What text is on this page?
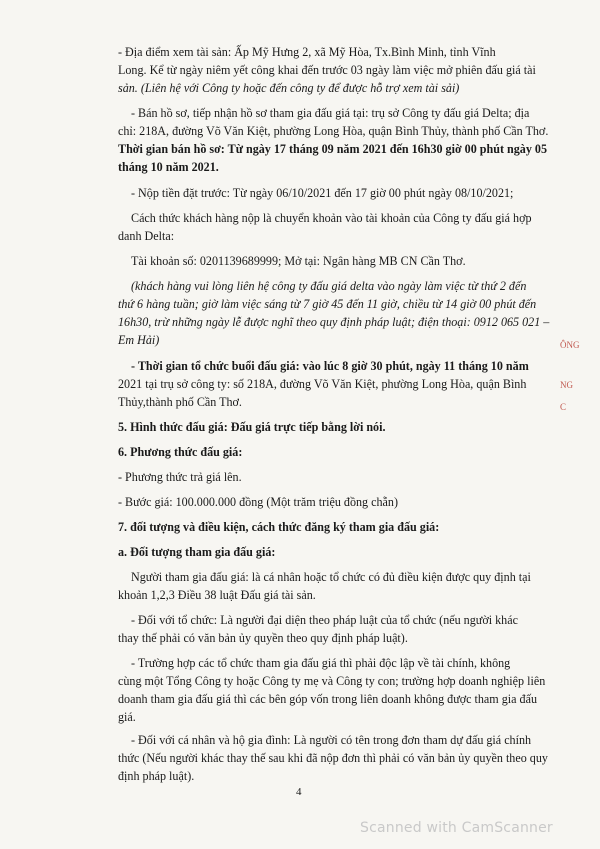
- Địa điểm xem tài sản: Ấp Mỹ Hưng 2, xã Mỹ Hòa, Tx.Bình Minh, tỉnh Vĩnh
Long. Kể từ ngày niêm yết công khai đến trước 03 ngày làm việc mở phiên đấu giá tài
sản. (Liên hệ với Công ty hoặc đến công ty để được hỗ trợ xem tài sải)
- Bán hồ sơ, tiếp nhận hồ sơ tham gia đấu giá tại: trụ sở Công ty đấu giá Delta; địa
chỉ: 218A, đường Võ Văn Kiệt, phường Long Hòa, quận Bình Thủy, thành phố Cần Thơ.
Thời gian bán hồ sơ: Từ ngày 17 tháng 09 năm 2021 đến 16h30 giờ 00 phút ngày 05
tháng 10 năm 2021.
- Nộp tiền đặt trước: Từ ngày 06/10/2021 đến 17 giờ 00 phút ngày 08/10/2021;
Cách thức khách hàng nộp là chuyển khoản vào tài khoản của Công ty đấu giá hợp
danh Delta:
Tài khoản số: 0201139689999; Mở tại: Ngân hàng MB CN Cần Thơ.
(khách hàng vui lòng liên hệ công ty đấu giá delta vào ngày làm việc từ thứ 2 đến
thứ 6 hàng tuần; giờ làm việc sáng từ 7 giờ 45 đến 11 giờ, chiều từ 14 giờ 00 phút đến
16h30, trừ những ngày lễ được nghĩ theo quy định pháp luật; điện thoại: 0912 065 021 –
Em Hải)
- Thời gian tổ chức buổi đấu giá: vào lúc 8 giờ 30 phút, ngày 11 tháng 10 năm
2021 tại trụ sở công ty: số 218A, đường Võ Văn Kiệt, phường Long Hòa, quận Bình
Thủy,thành phố Cần Thơ.
5. Hình thức đấu giá: Đấu giá trực tiếp bằng lời nói.
6. Phương thức đấu giá:
- Phương thức trả giá lên.
- Bước giá: 100.000.000 đồng (Một trăm triệu đồng chẵn)
7. đối tượng và điều kiện, cách thức đăng ký tham gia đấu giá:
a. Đối tượng tham gia đấu giá:
Người tham gia đấu giá: là cá nhân hoặc tổ chức có đủ điều kiện được quy định tại
khoản 1,2,3 Điều 38 luật Đấu giá tài sản.
- Đối với tổ chức: Là người đại diện theo pháp luật của tổ chức (nếu người khác
thay thế phải có văn bản ủy quyền theo quy định pháp luật).
- Trường hợp các tổ chức tham gia đấu giá thì phải độc lập về tài chính, không
cùng một Tổng Công ty hoặc Công ty mẹ và Công ty con; trường hợp doanh nghiệp liên
doanh tham gia đấu giá thì các bên góp vốn trong liên doanh không được tham gia đấu
giá.
- Đối với cá nhân và hộ gia đình: Là người có tên trong đơn tham dự đấu giá chính
thức (Nếu người khác thay thế sau khi đã nộp đơn thì phải có văn bản ủy quyền theo quy
định pháp luật).
ÔNG
NG
C
4
Scanned with CamScanner
